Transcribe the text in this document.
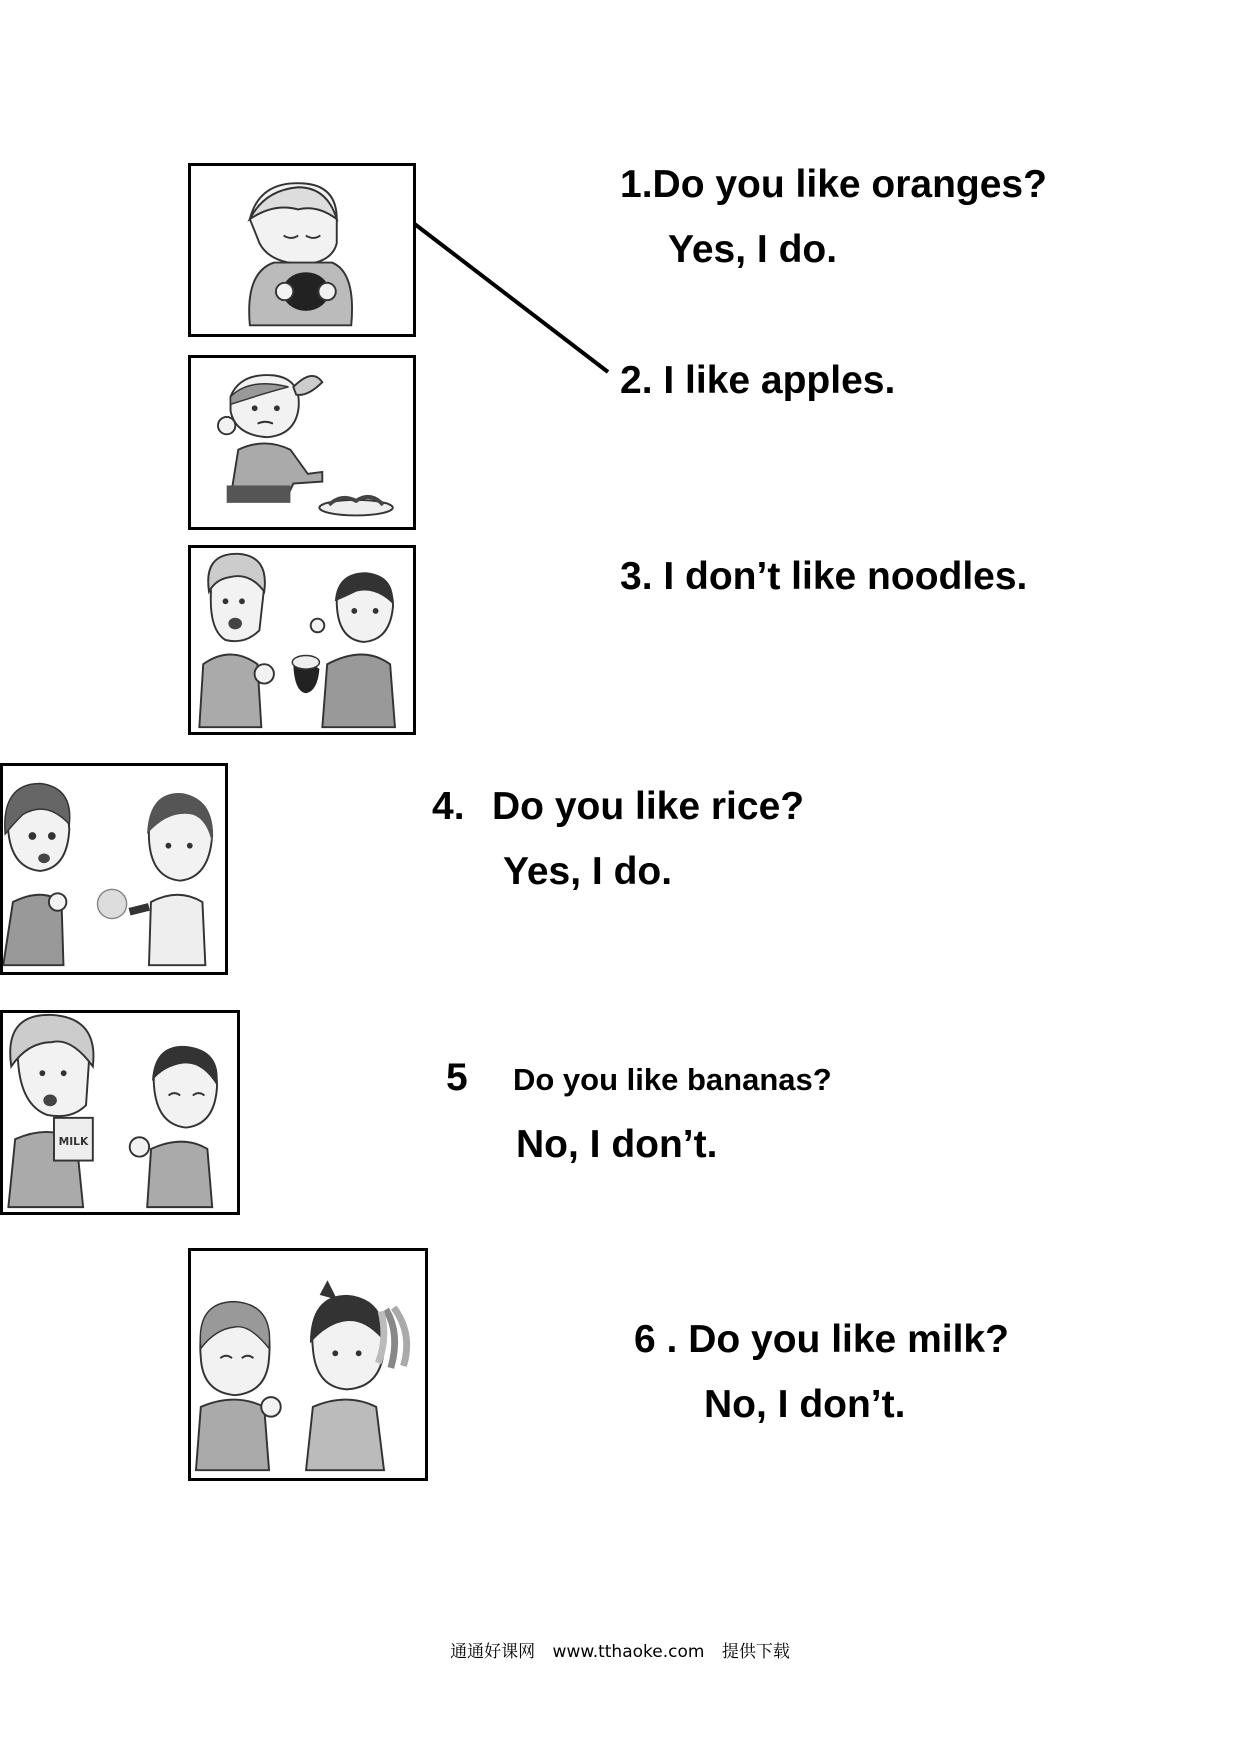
MILK
1.Do you like oranges?
Yes, I do.
2. I like apples.
3. I don’t like noodles.
4. Do you like rice?
Yes, I do.
5 Do you like bananas?
No, I don’t.
6 . Do you like milk?
No, I don’t.
通通好课网 www.tthaoke.com 提供下载
